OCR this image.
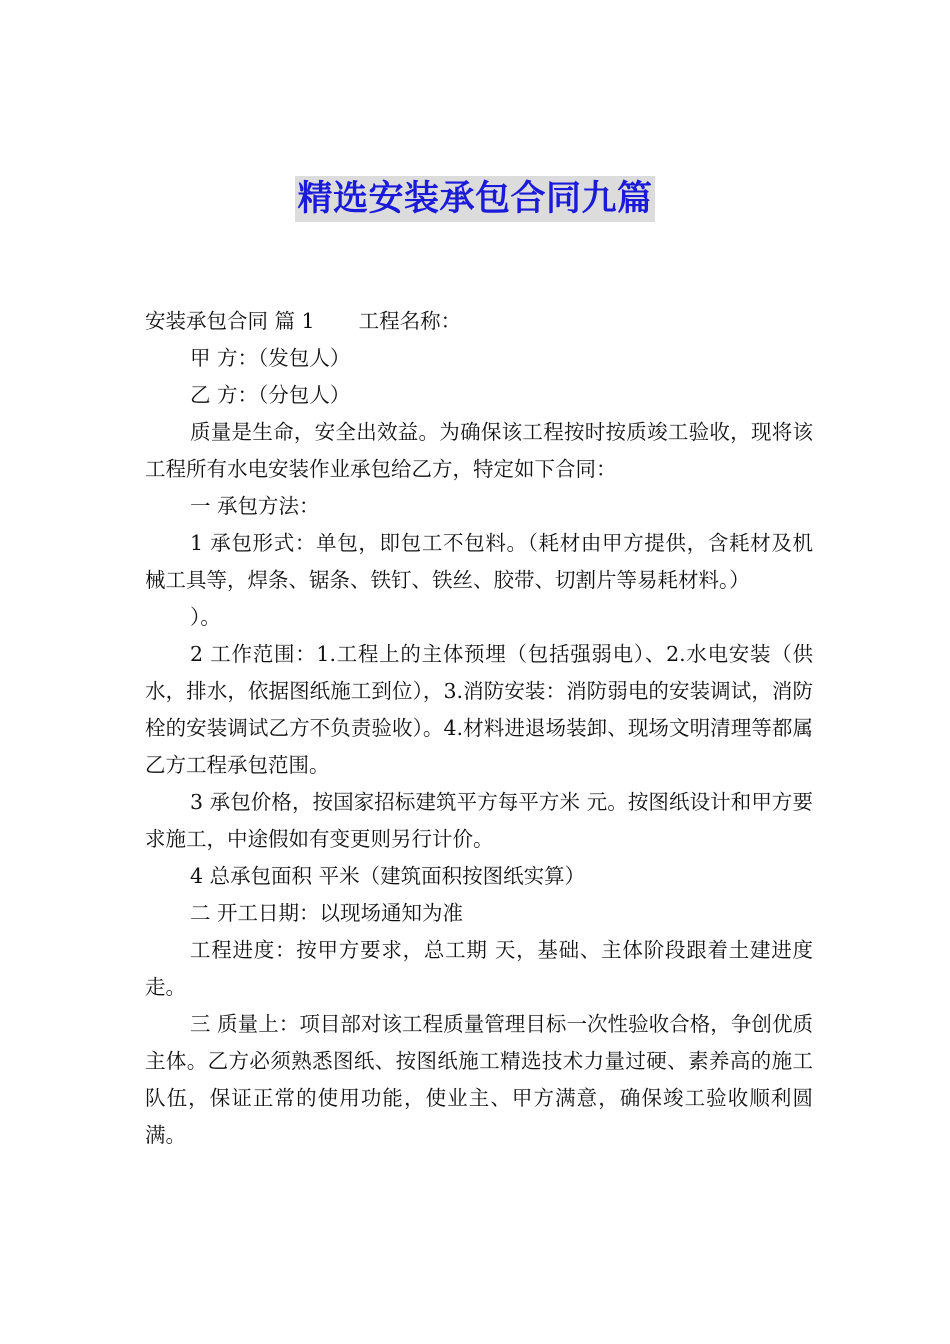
精选安装承包合同九篇

安装承包合同 篇 1 工程名称：

甲 方：（发包人）

乙 方：（分包人）

质量是生命，安全出效益。为确保该工程按时按质竣工验收，现将该工程所有水电安装作业承包给乙方，特定如下合同：

一 承包方法：

1 承包形式：单包，即包工不包料。（耗材由甲方提供，含耗材及机械工具等，焊条、锯条、铁钉、铁丝、胶带、切割片等易耗材料。）

）。

2 工作范围：1.工程上的主体预埋（包括强弱电）、2.水电安装（供水，排水，依据图纸施工到位），3.消防安装：消防弱电的安装调试，消防栓的安装调试乙方不负责验收）。4.材料进退场装卸、现场文明清理等都属乙方工程承包范围。

3 承包价格，按国家招标建筑平方每平方米 元。按图纸设计和甲方要求施工，中途假如有变更则另行计价。

4 总承包面积 平米（建筑面积按图纸实算）

二 开工日期：以现场通知为准

工程进度：按甲方要求，总工期 天，基础、主体阶段跟着土建进度走。

三 质量上：项目部对该工程质量管理目标一次性验收合格，争创优质主体。乙方必须熟悉图纸、按图纸施工精选技术力量过硬、素养高的施工队伍，保证正常的使用功能，使业主、甲方满意，确保竣工验收顺利圆满。
